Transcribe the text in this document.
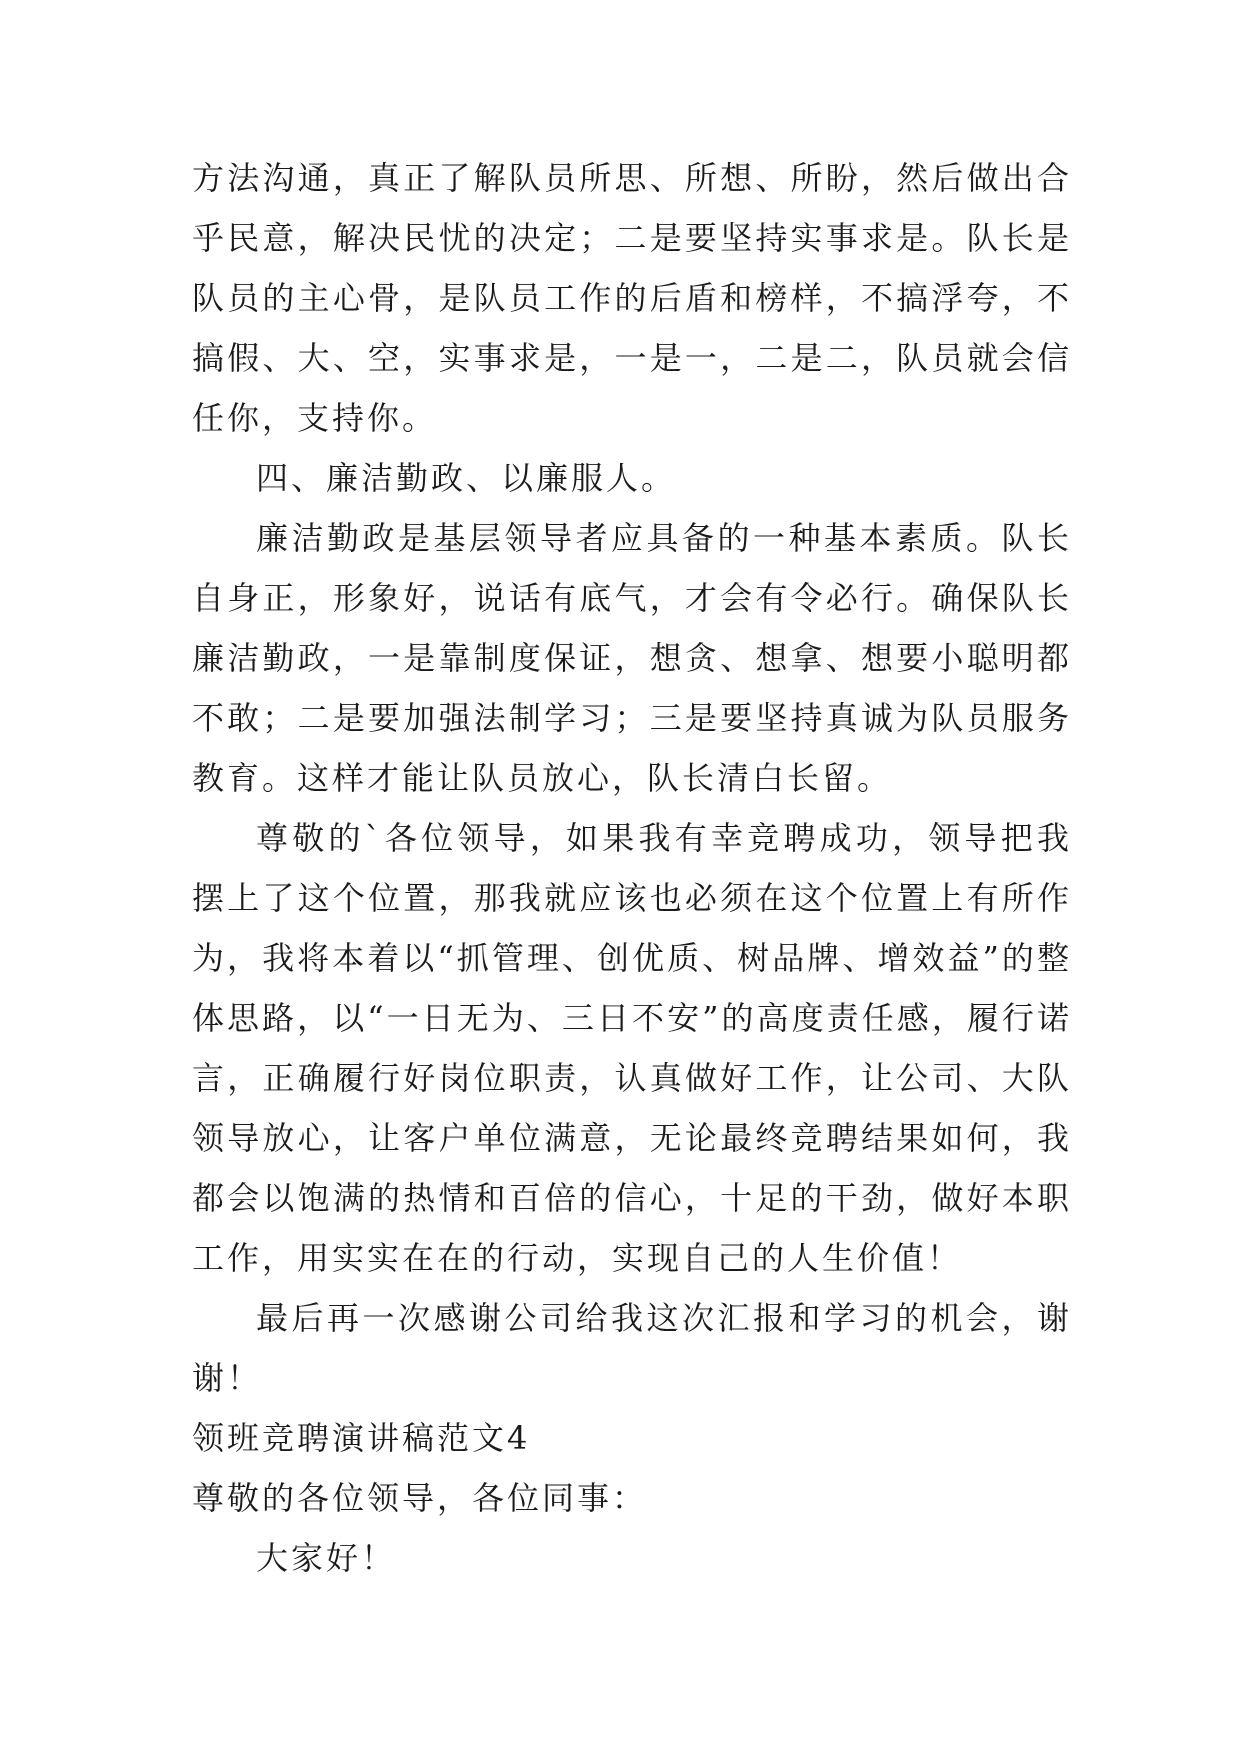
方法沟通，真正了解队员所思、所想、所盼，然后做出合乎民意，解决民忧的决定；二是要坚持实事求是。队长是队员的主心骨，是队员工作的后盾和榜样，不搞浮夸，不搞假、大、空，实事求是，一是一，二是二，队员就会信任你，支持你。

四、廉洁勤政、以廉服人。

廉洁勤政是基层领导者应具备的一种基本素质。队长自身正，形象好，说话有底气，才会有令必行。确保队长廉洁勤政，一是靠制度保证，想贪、想拿、想要小聪明都不敢；二是要加强法制学习；三是要坚持真诚为队员服务教育。这样才能让队员放心，队长清白长留。

尊敬的`各位领导，如果我有幸竞聘成功，领导把我摆上了这个位置，那我就应该也必须在这个位置上有所作为，我将本着以“抓管理、创优质、树品牌、增效益”的整体思路，以“一日无为、三日不安”的高度责任感，履行诺言，正确履行好岗位职责，认真做好工作，让公司、大队领导放心，让客户单位满意，无论最终竞聘结果如何，我都会以饱满的热情和百倍的信心，十足的干劲，做好本职工作，用实实在在的行动，实现自己的人生价值！

最后再一次感谢公司给我这次汇报和学习的机会，谢谢！

领班竞聘演讲稿范文4

尊敬的各位领导，各位同事：

大家好！
